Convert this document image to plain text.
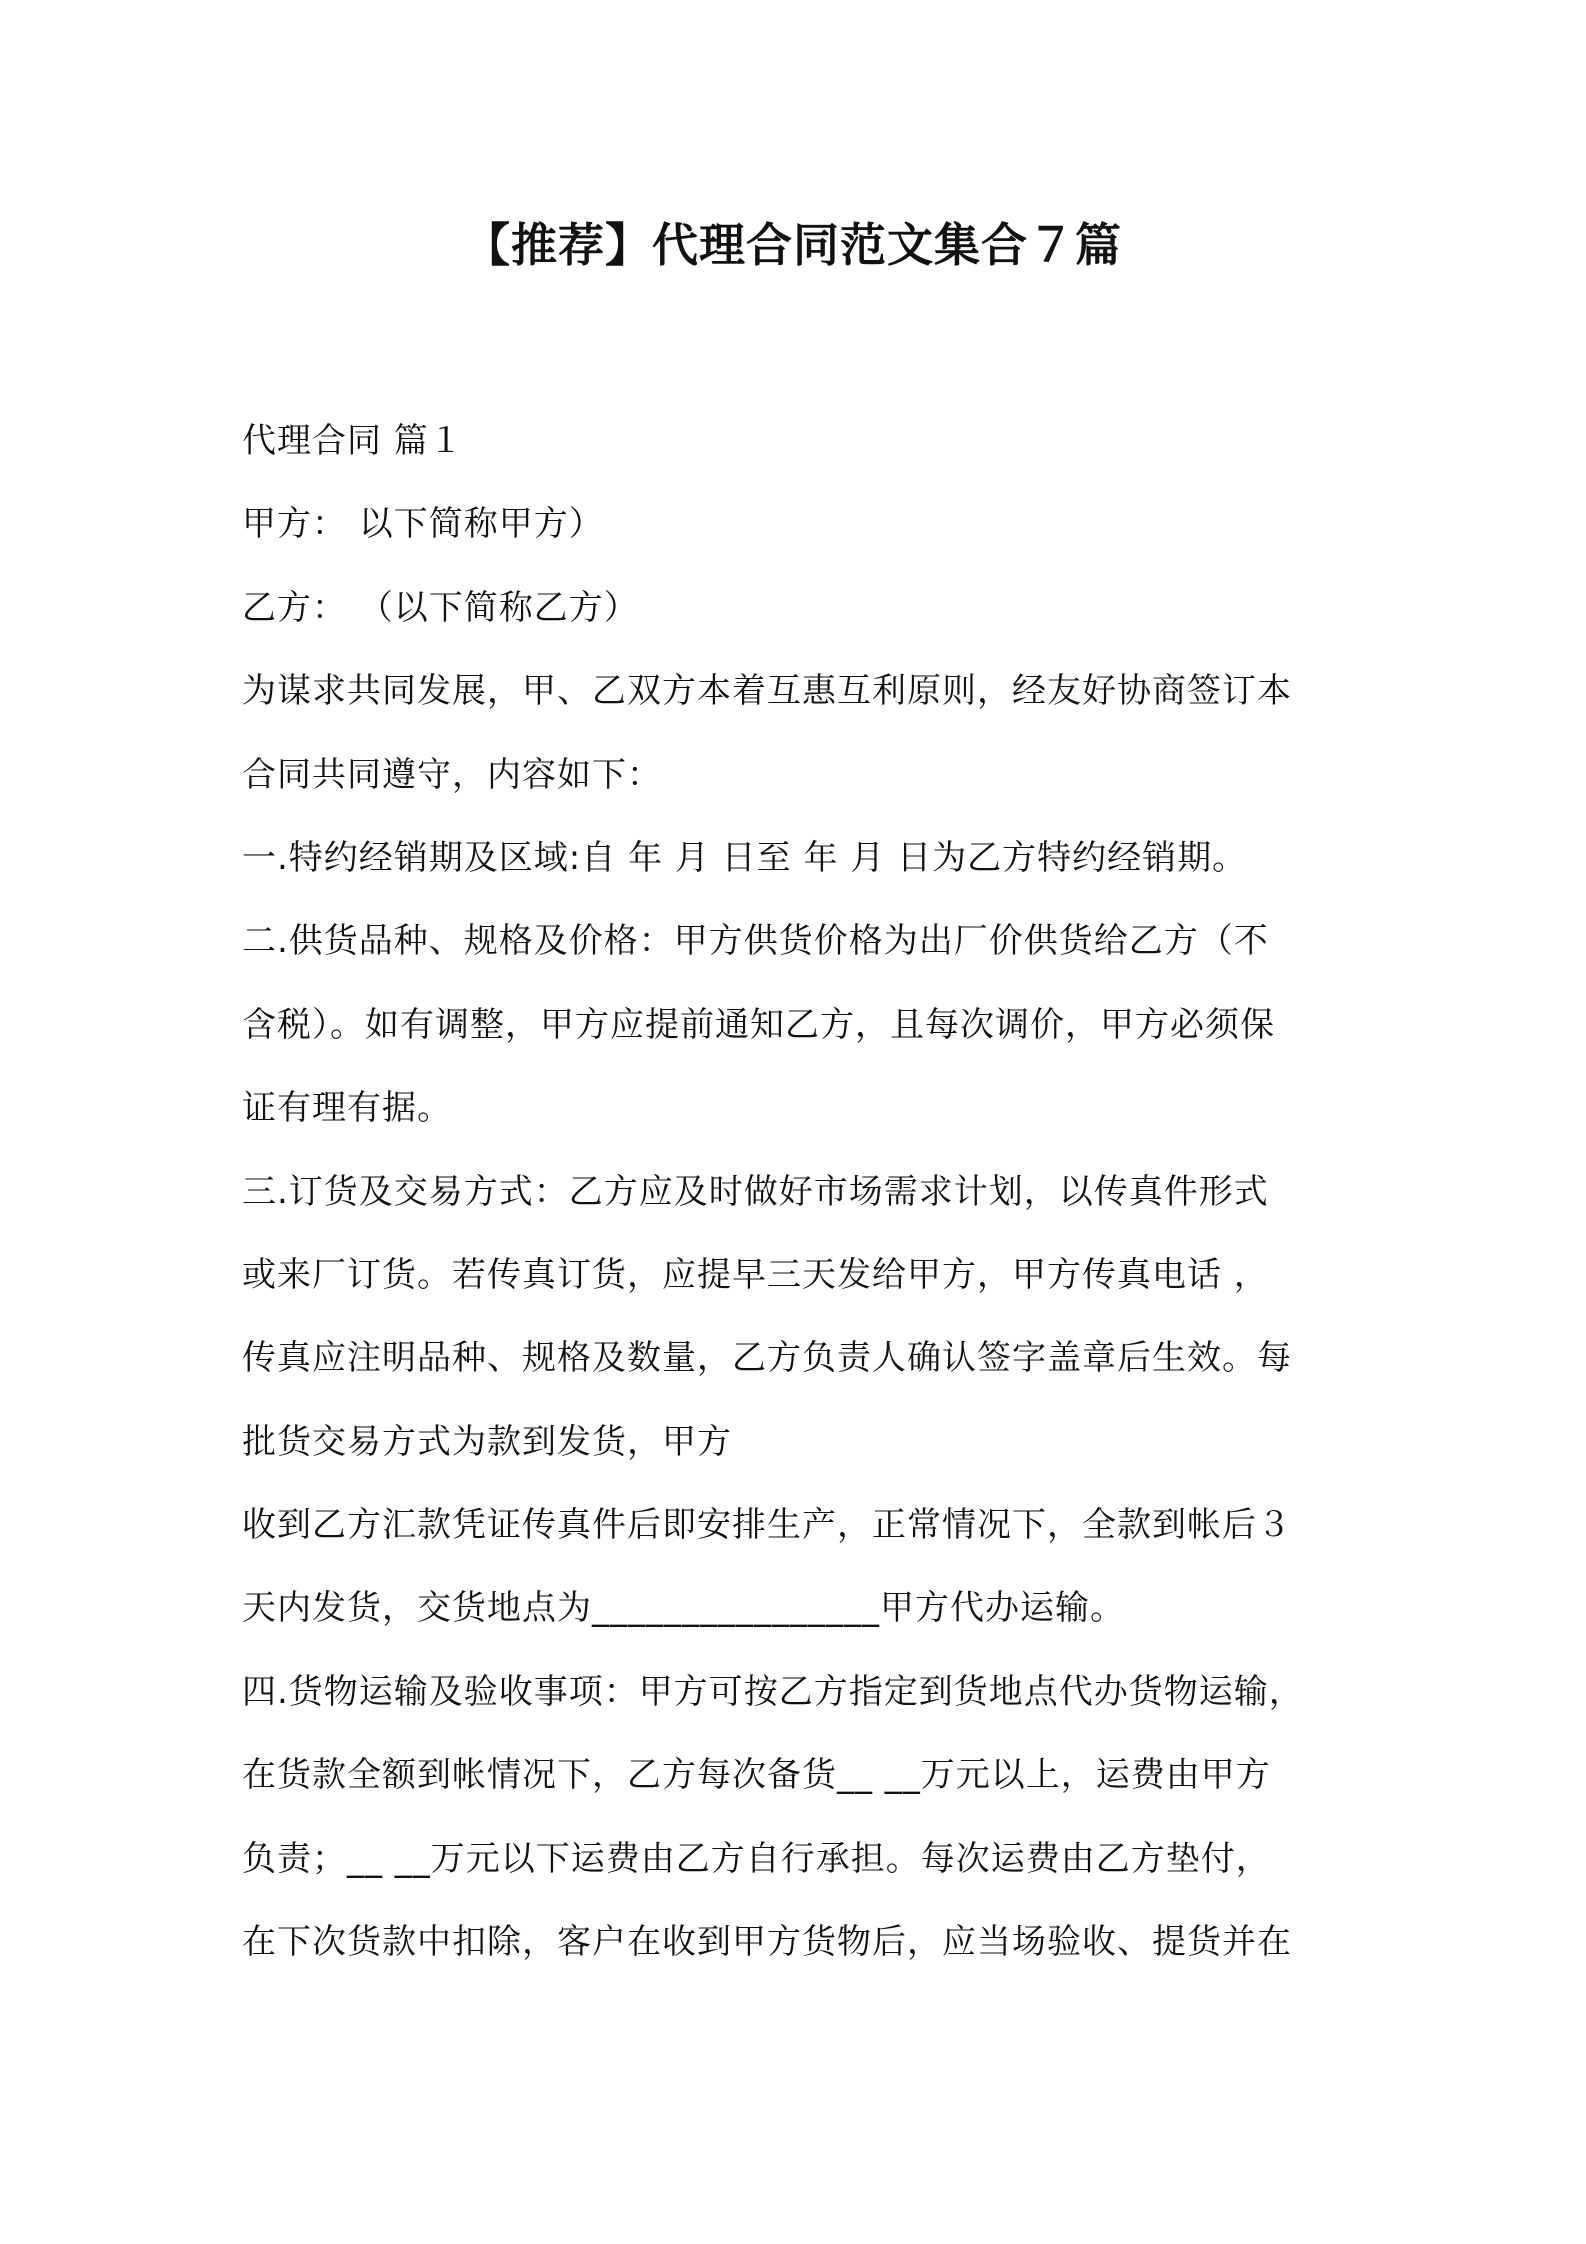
【推荐】代理合同范文集合７篇
代理合同 篇１
甲方： 以下简称甲方）
乙方： （以下简称乙方）
为谋求共同发展，甲、乙双方本着互惠互利原则，经友好协商签订本
合同共同遵守，内容如下：
一.特约经销期及区域:自 年 月 日至 年 月 日为乙方特约经销期。
二.供货品种、规格及价格：甲方供货价格为出厂价供货给乙方（不
含税）。如有调整，甲方应提前通知乙方，且每次调价，甲方必须保
证有理有据。
三.订货及交易方式：乙方应及时做好市场需求计划，以传真件形式
或来厂订货。若传真订货，应提早三天发给甲方，甲方传真电话 ，
传真应注明品种、规格及数量，乙方负责人确认签字盖章后生效。每
批货交易方式为款到发货，甲方
收到乙方汇款凭证传真件后即安排生产，正常情况下，全款到帐后３
天内发货，交货地点为________________甲方代办运输。
四.货物运输及验收事项：甲方可按乙方指定到货地点代办货物运输，
在货款全额到帐情况下，乙方每次备货__ __万元以上，运费由甲方
负责；__ __万元以下运费由乙方自行承担。每次运费由乙方垫付，
在下次货款中扣除，客户在收到甲方货物后，应当场验收、提货并在
